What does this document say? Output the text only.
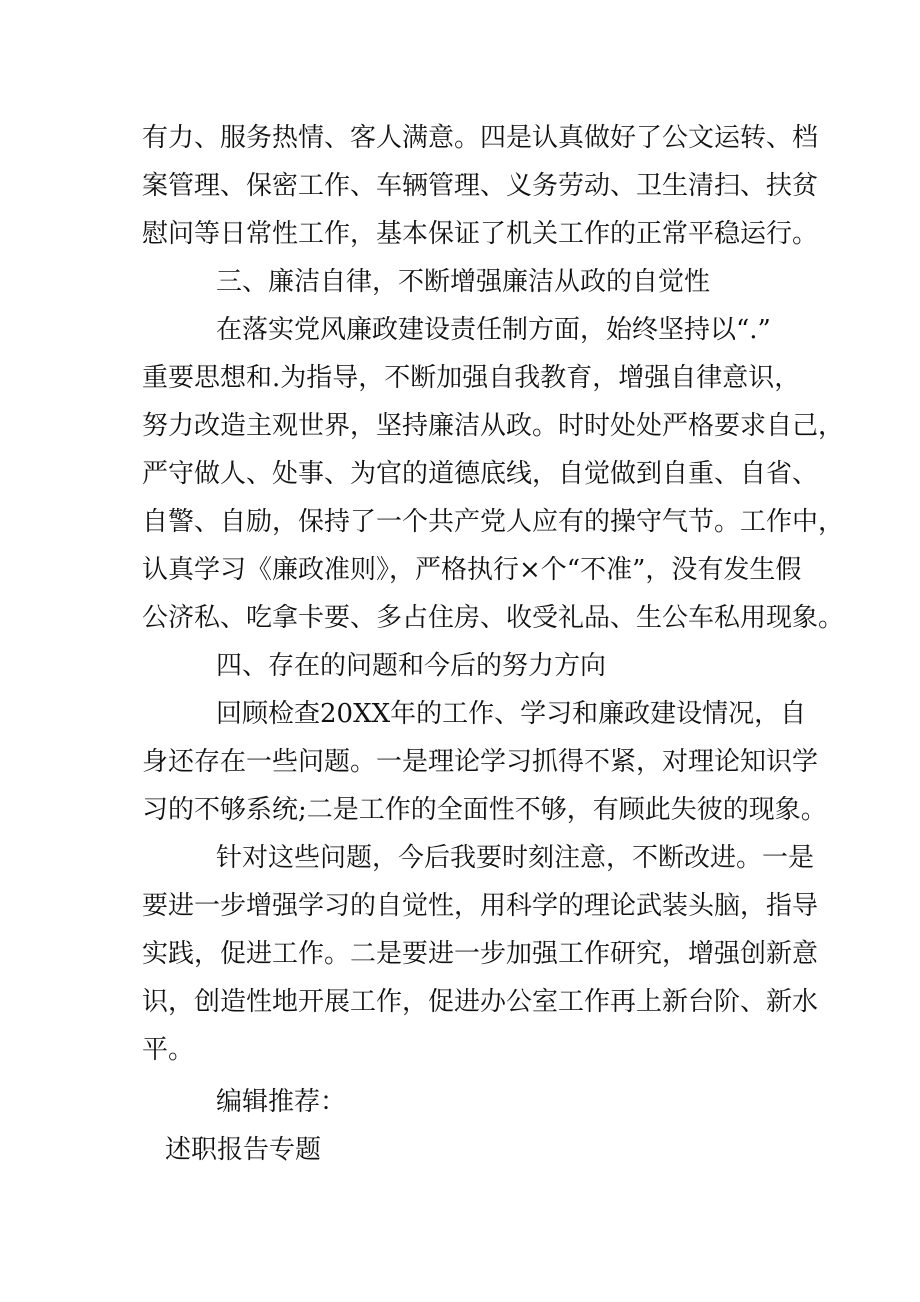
有力、服务热情、客人满意。四是认真做好了公文运转、档
案管理、保密工作、车辆管理、义务劳动、卫生清扫、扶贫
慰问等日常性工作，基本保证了机关工作的正常平稳运行。
三、廉洁自律，不断增强廉洁从政的自觉性
在落实党风廉政建设责任制方面，始终坚持以“.”
重要思想和.为指导，不断加强自我教育，增强自律意识，
努力改造主观世界，坚持廉洁从政。时时处处严格要求自己，
严守做人、处事、为官的道德底线，自觉做到自重、自省、
自警、自励，保持了一个共产党人应有的操守气节。工作中，
认真学习《廉政准则》，严格执行×个“不准”，没有发生假
公济私、吃拿卡要、多占住房、收受礼品、生公车私用现象。
四、存在的问题和今后的努力方向
回顾检查20XX年的工作、学习和廉政建设情况，自
身还存在一些问题。一是理论学习抓得不紧，对理论知识学
习的不够系统;二是工作的全面性不够，有顾此失彼的现象。
针对这些问题，今后我要时刻注意，不断改进。一是
要进一步增强学习的自觉性，用科学的理论武装头脑，指导
实践，促进工作。二是要进一步加强工作研究，增强创新意
识，创造性地开展工作，促进办公室工作再上新台阶、新水
平。
编辑推荐：
述职报告专题
